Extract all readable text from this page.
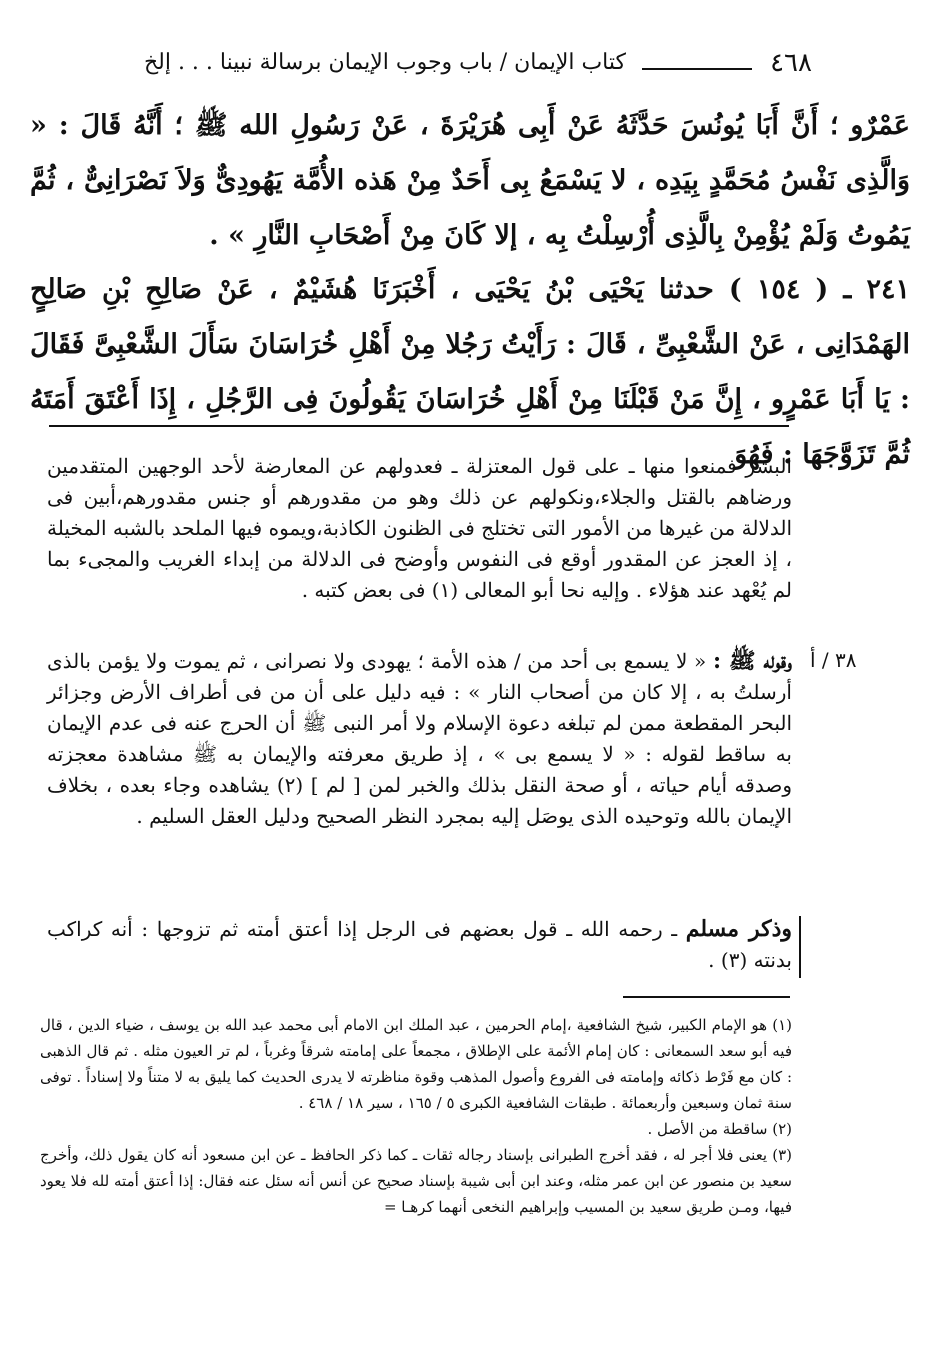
٤٦٨
كتاب الإيمان / باب وجوب الإيمان برسالة نبينا . . . إلخ

عَمْرٌو ؛ أَنَّ أَبَا يُونُسَ حَدَّثَهُ عَنْ أَبِى هُرَيْرَةَ ، عَنْ رَسُولِ الله ﷺ ؛ أَنَّهُ قَالَ : « وَالَّذِى نَفْسُ مُحَمَّدٍ بِيَدِه ، لا يَسْمَعُ بِى أَحَدٌ مِنْ هَذه الأُمَّة يَهُودِىٌّ وَلاَ نَصْرَانِىٌّ ، ثُمَّ يَمُوتُ وَلَمْ يُؤْمِنْ بِالَّذِى أُرْسِلْتُ بِه ، إلا كَانَ مِنْ أَصْحَابِ النَّارِ » .

٢٤١ ـ ( ١٥٤ ) حدثنا يَحْيَى بْنُ يَحْيَى ، أَخْبَرَنَا هُشَيْمٌ ، عَنْ صَالِحِ بْنِ صَالِحٍ الهَمْدَانِى ، عَنْ الشَّعْبِىِّ ، قَالَ : رَأَيْتُ رَجُلا مِنْ أَهْلِ خُرَاسَانَ سَأَلَ الشَّعْبِىَّ فَقَالَ : يَا أَبَا عَمْرٍو ، إِنَّ مَنْ قَبْلَنَا مِنْ أَهْلِ خُرَاسَانَ يَقُولُونَ فِى الرَّجُلِ ، إِذَا أَعْتَقَ أَمَتَهُ ثُمَّ تَزَوَّجَهَا : فَهُوَ

البشر فمنعوا منها ـ على قول المعتزلة ـ فعدولهم عن المعارضة لأحد الوجهين المتقدمين ورضاهم بالقتل والجلاء،ونكولهم عن ذلك وهو من مقدورهم أو جنس مقدورهم،أبين فى الدلالة من غيرها من الأمور التى تختلج فى الظنون الكاذبة،ويموه فيها الملحد بالشبه المخيلة ، إذ العجز عن المقدور أوقع فى النفوس وأوضح فى الدلالة من إبداء الغريب والمجىء بما لم يُعْهد عند هؤلاء . وإليه نحا أبو المعالى (١) فى بعض كتبه .

وقوله ﷺ : « لا يسمع بى أحد من / هذه الأمة ؛ يهودى ولا نصرانى ، ثم يموت ولا يؤمن بالذى أرسلتُ به ، إلا كان من أصحاب النار » : فيه دليل على أن من فى أطراف الأرض وجزائر البحر المقطعة ممن لم تبلغه دعوة الإسلام ولا أمر النبى ﷺ أن الحرج عنه فى عدم الإيمان به ساقط لقوله : « لا يسمع بى » ، إذ طريق معرفته والإيمان به ﷺ مشاهدة معجزته وصدقه أيام حياته ، أو صحة النقل بذلك والخبر لمن [ لم ] (٢) يشاهده وجاء بعده ، بخلاف الإيمان بالله وتوحيده الذى يوصَل إليه بمجرد النظر الصحيح ودليل العقل السليم .

٣٨ / أ

وذكر مسلم ـ رحمه الله ـ قول بعضهم فى الرجل إذا أعتق أمته ثم تزوجها : أنه كراكب بدنته (٣) .

(١) هو الإمام الكبير، شيخ الشافعية ،إمام الحرمين ، عبد الملك ابن الامام أبى محمد عبد الله بن يوسف ، ضياء الدين ، قال فيه أبو سعد السمعانى : كان إمام الأئمة على الإطلاق ، مجمعاً على إمامته شرقاً وغرباً ، لم تر العيون مثله . ثم قال الذهبى : كان مع فَرْط ذكائه وإمامته فى الفروع وأصول المذهب وقوة مناظرته لا يدرى الحديث كما يليق به لا متناً ولا إسناداً . توفى سنة ثمان وسبعين وأربعمائة . طبقات الشافعية الكبرى ٥ / ١٦٥ ، سير ١٨ / ٤٦٨ .

(٢) ساقطة من الأصل .

(٣) يعنى فلا أجر له ، فقد أخرج الطبرانى بإسناد رجاله ثقات ـ كما ذكر الحافظ ـ عن ابن مسعود أنه كان يقول ذلك، وأخرج سعيد بن منصور عن ابن عمر مثله، وعند ابن أبى شيبة بإسناد صحيح عن أنس أنه سئل عنه فقال: إذا أعتق أمته لله فلا يعود فيها، ومـن طريق سعيد بن المسيب وإبراهيم النخعى أنهما كرهـا =
